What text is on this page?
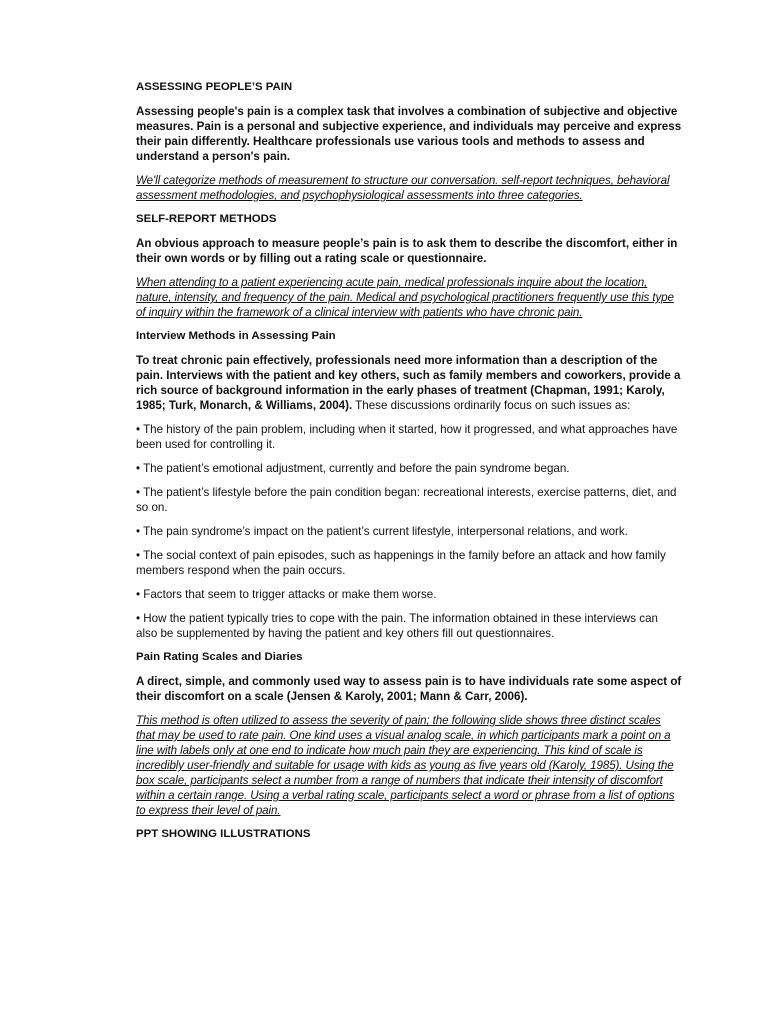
ASSESSING PEOPLE’S PAIN

Assessing people's pain is a complex task that involves a combination of subjective and objective measures. Pain is a personal and subjective experience, and individuals may perceive and express their pain differently. Healthcare professionals use various tools and methods to assess and understand a person's pain.

We'll categorize methods of measurement to structure our conversation. self-report techniques, behavioral assessment methodologies, and psychophysiological assessments into three categories.

SELF-REPORT METHODS

An obvious approach to measure people’s pain is to ask them to describe the discomfort, either in their own words or by filling out a rating scale or questionnaire.

When attending to a patient experiencing acute pain, medical professionals inquire about the location, nature, intensity, and frequency of the pain. Medical and psychological practitioners frequently use this type of inquiry within the framework of a clinical interview with patients who have chronic pain.

Interview Methods in Assessing Pain

To treat chronic pain effectively, professionals need more information than a description of the pain. Interviews with the patient and key others, such as family members and coworkers, provide a rich source of background information in the early phases of treatment (Chapman, 1991; Karoly, 1985; Turk, Monarch, & Williams, 2004). These discussions ordinarily focus on such issues as:

• The history of the pain problem, including when it started, how it progressed, and what approaches have been used for controlling it.

• The patient’s emotional adjustment, currently and before the pain syndrome began.

• The patient’s lifestyle before the pain condition began: recreational interests, exercise patterns, diet, and so on.

• The pain syndrome’s impact on the patient’s current lifestyle, interpersonal relations, and work.

• The social context of pain episodes, such as happenings in the family before an attack and how family members respond when the pain occurs.

• Factors that seem to trigger attacks or make them worse.

• How the patient typically tries to cope with the pain. The information obtained in these interviews can also be supplemented by having the patient and key others fill out questionnaires.

Pain Rating Scales and Diaries

A direct, simple, and commonly used way to assess pain is to have individuals rate some aspect of their discomfort on a scale (Jensen & Karoly, 2001; Mann & Carr, 2006).

This method is often utilized to assess the severity of pain; the following slide shows three distinct scales that may be used to rate pain. One kind uses a visual analog scale, in which participants mark a point on a line with labels only at one end to indicate how much pain they are experiencing. This kind of scale is incredibly user-friendly and suitable for usage with kids as young as five years old (Karoly, 1985). Using the box scale, participants select a number from a range of numbers that indicate their intensity of discomfort within a certain range. Using a verbal rating scale, participants select a word or phrase from a list of options to express their level of pain.

PPT SHOWING ILLUSTRATIONS
